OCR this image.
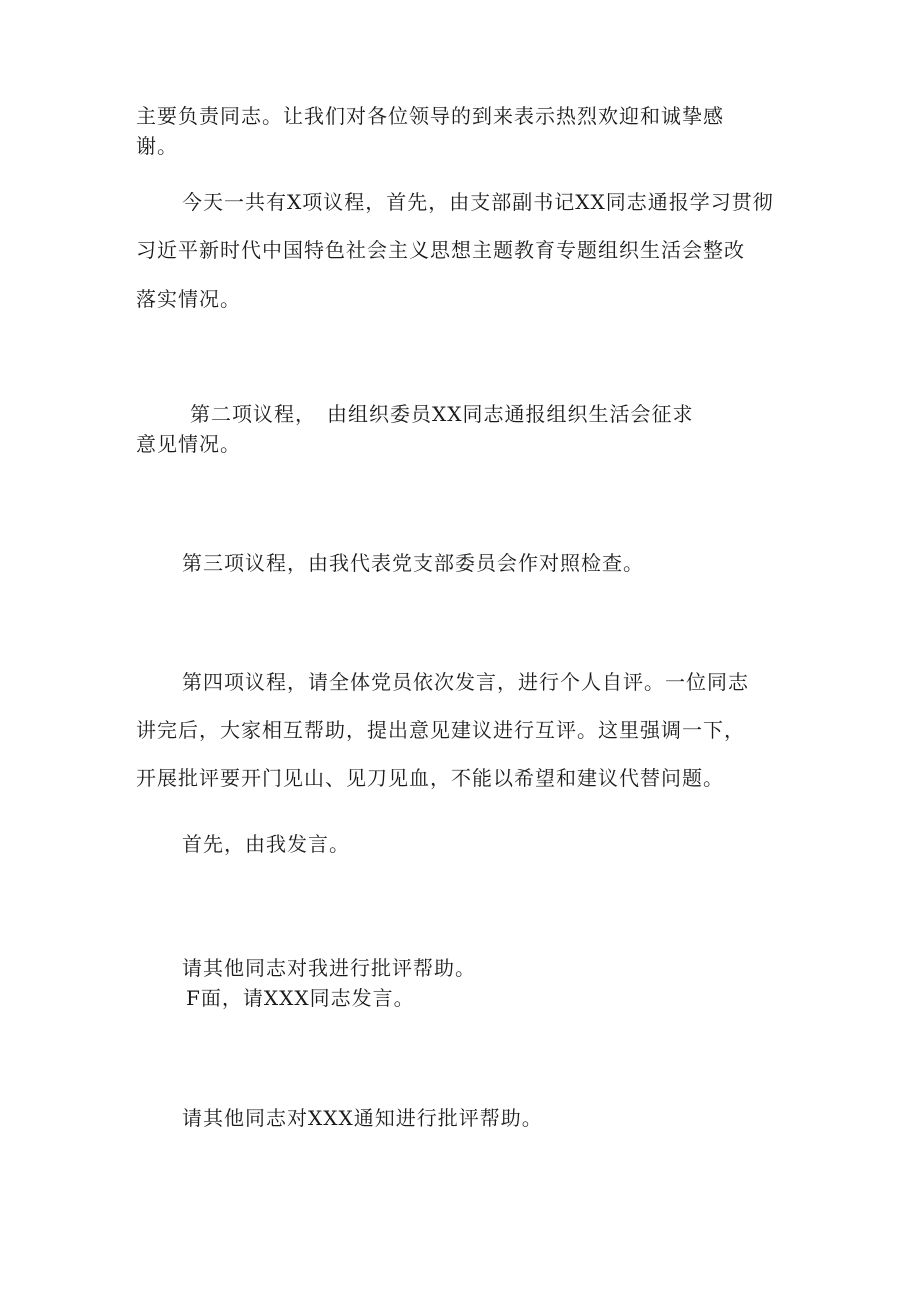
主要负责同志。让我们对各位领导的到来表示热烈欢迎和诚挚感
谢。
今天一共有X项议程，首先，由支部副书记XX同志通报学习贯彻
习近平新时代中国特色社会主义思想主题教育专题组织生活会整改
落实情况。
第二项议程，　由组织委员XX同志通报组织生活会征求
意见情况。
第三项议程，由我代表党支部委员会作对照检查。
第四项议程，请全体党员依次发言，进行个人自评。一位同志
讲完后，大家相互帮助，提出意见建议进行互评。这里强调一下，
开展批评要开门见山、见刀见血，不能以希望和建议代替问题。
首先，由我发言。
请其他同志对我进行批评帮助。
F面，请XXX同志发言。
请其他同志对XXX通知进行批评帮助。
